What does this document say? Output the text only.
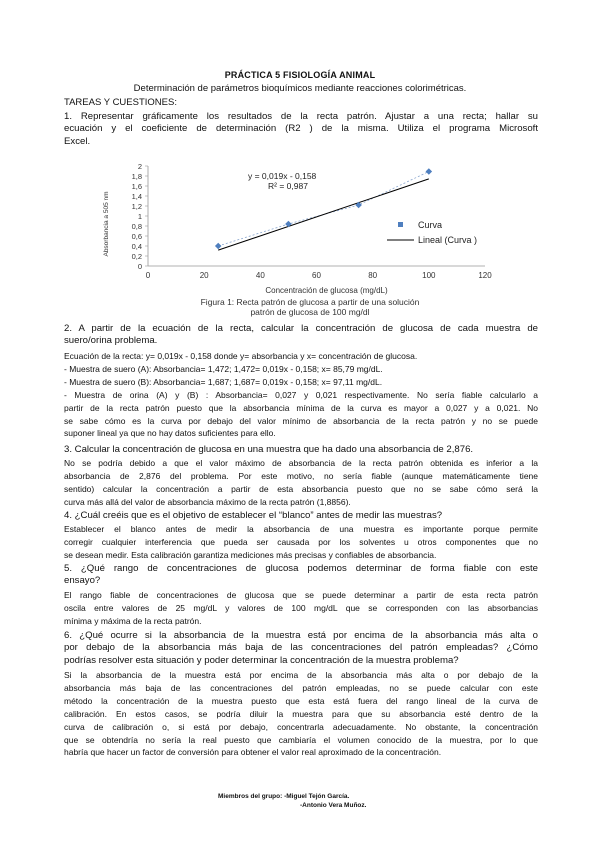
PRÁCTICA 5 FISIOLOGÍA ANIMAL
Determinación de parámetros bioquímicos mediante reacciones colorimétricas.
TAREAS Y CUESTIONES:
1. Representar gráficamente los resultados de la recta patrón. Ajustar a una recta; hallar su
ecuación y el coeficiente de determinación (R2 ) de la misma. Utiliza el programa Microsoft
Excel.
0
0,2
0,4
0,6
0,8
1
1,2
1,4
1,6
1,8
2
0	20	40	60	80	100	120
Concentración de glucosa (mg/dL)
Absorbancia a 505 nm
y = 0,019x - 0,158
R² = 0,987
Curva
Lineal (Curva )
Figura 1: Recta patrón de glucosa a partir de una solución
patrón de glucosa de 100 mg/dl
2. A partir de la ecuación de la recta, calcular la concentración de glucosa de cada muestra de
suero/orina problema.
Ecuación de la recta: y= 0,019x - 0,158 donde y= absorbancia y x= concentración de glucosa.
- Muestra de suero (A): Absorbancia= 1,472; 1,472= 0,019x - 0,158; x= 85,79 mg/dL.
- Muestra de suero (B): Absorbancia= 1,687; 1,687= 0,019x - 0,158; x= 97,11 mg/dL.
- Muestra de orina (A) y (B) : Absorbancia= 0,027 y 0,021 respectivamente. No sería fiable calcularlo a
partir de la recta patrón puesto que la absorbancia mínima de la curva es mayor a 0,027 y a 0,021. No
se sabe cómo es la curva por debajo del valor mínimo de absorbancia de la recta patrón y no se puede
suponer lineal ya que no hay datos suficientes para ello.
3. Calcular la concentración de glucosa en una muestra que ha dado una absorbancia de 2,876.
No se podría debido a que el valor máximo de absorbancia de la recta patrón obtenida es inferior a la
absorbancia de 2,876 del problema. Por este motivo, no sería fiable (aunque matemáticamente tiene
sentido) calcular la concentración a partir de esta absorbancia puesto que no se sabe cómo será la
curva más allá del valor de absorbancia máximo de la recta patrón (1,8856).
4. ¿Cuál creéis que es el objetivo de establecer el “blanco” antes de medir las muestras?
Establecer el blanco antes de medir la absorbancia de una muestra es importante porque permite
corregir cualquier interferencia que pueda ser causada por los solventes u otros componentes que no
se desean medir. Esta calibración garantiza mediciones más precisas y confiables de absorbancia.
5. ¿Qué rango de concentraciones de glucosa podemos determinar de forma fiable con este
ensayo?
El rango fiable de concentraciones de glucosa que se puede determinar a partir de esta recta patrón
oscila entre valores de 25 mg/dL y valores de 100 mg/dL que se corresponden con las absorbancias
mínima y máxima de la recta patrón.
6. ¿Qué ocurre si la absorbancia de la muestra está por encima de la absorbancia más alta o
por debajo de la absorbancia más baja de las concentraciones del patrón empleadas? ¿Cómo
podrías resolver esta situación y poder determinar la concentración de la muestra problema?
Si la absorbancia de la muestra está por encima de la absorbancia más alta o por debajo de la
absorbancia más baja de las concentraciones del patrón empleadas, no se puede calcular con este
método la concentración de la muestra puesto que esta está fuera del rango lineal de la curva de
calibración. En estos casos, se podría diluir la muestra para que su absorbancia esté dentro de la
curva de calibración o, si está por debajo, concentrarla adecuadamente. No obstante, la concentración
que se obtendría no sería la real puesto que cambiaría el volumen conocido de la muestra, por lo que
habría que hacer un factor de conversión para obtener el valor real aproximado de la concentración.
Miembros del grupo: -Miguel Tejón García.
-Antonio Vera Muñoz.
